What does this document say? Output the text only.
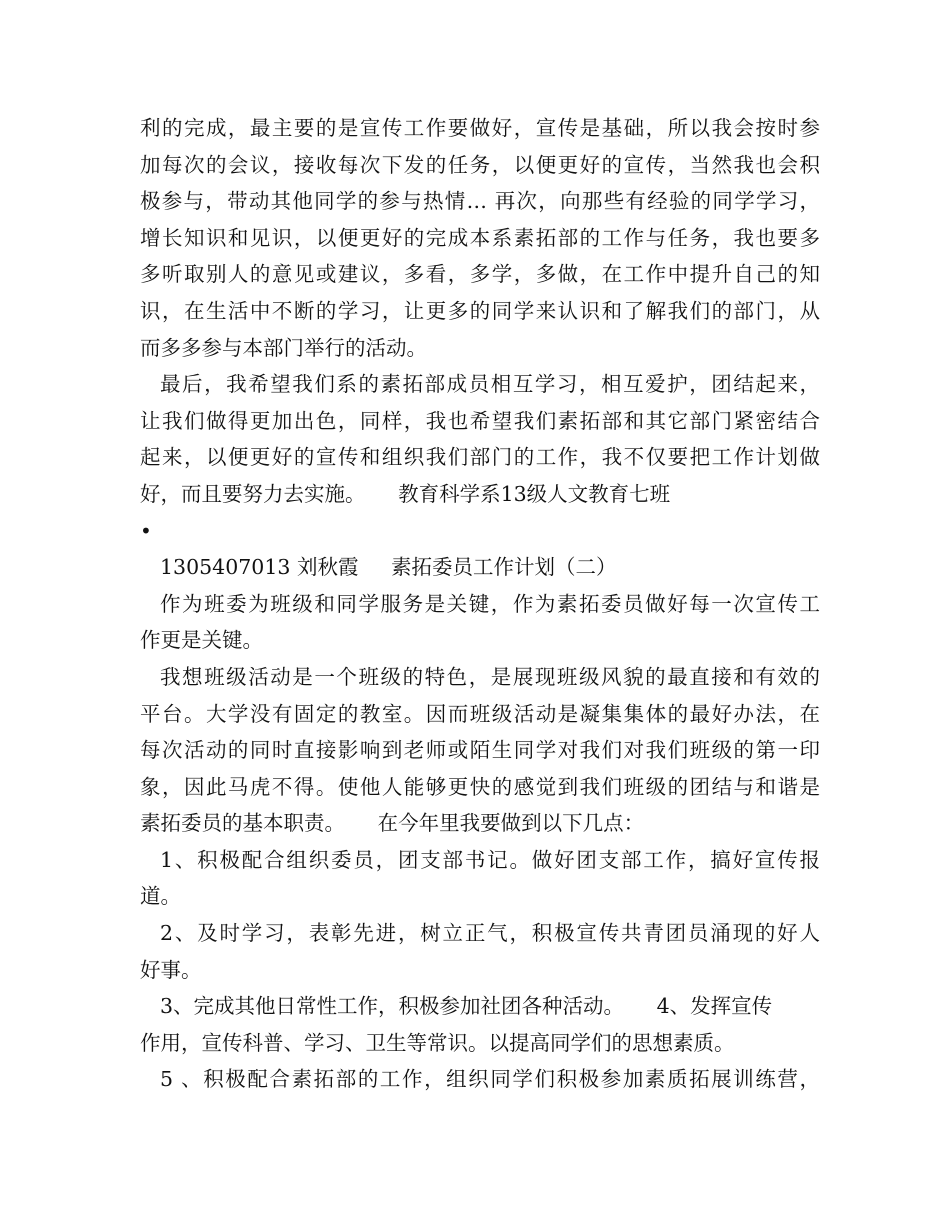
利的完成，最主要的是宣传工作要做好，宣传是基础，所以我会按时参
加每次的会议，接收每次下发的任务，以便更好的宣传，当然我也会积
极参与，带动其他同学的参与热情… 再次，向那些有经验的同学学习，
增长知识和见识，以便更好的完成本系素拓部的工作与任务，我也要多
多听取别人的意见或建议，多看，多学，多做，在工作中提升自己的知
识，在生活中不断的学习，让更多的同学来认识和了解我们的部门，从
而多多参与本部门举行的活动。
最后，我希望我们系的素拓部成员相互学习，相互爱护，团结起来，
让我们做得更加出色，同样，我也希望我们素拓部和其它部门紧密结合
起来，以便更好的宣传和组织我们部门的工作，我不仅要把工作计划做
好，而且要努力去实施。     教育科学系13级人文教育七班
•
1305407013 刘秋霞     素拓委员工作计划（二）
作为班委为班级和同学服务是关键，作为素拓委员做好每一次宣传工
作更是关键。
我想班级活动是一个班级的特色，是展现班级风貌的最直接和有效的
平台。大学没有固定的教室。因而班级活动是凝集集体的最好办法，在
每次活动的同时直接影响到老师或陌生同学对我们对我们班级的第一印
象，因此马虎不得。使他人能够更快的感觉到我们班级的团结与和谐是
素拓委员的基本职责。     在今年里我要做到以下几点：
1、积极配合组织委员，团支部书记。做好团支部工作，搞好宣传报
道。
2、及时学习，表彰先进，树立正气，积极宣传共青团员涌现的好人
好事。
3、完成其他日常性工作，积极参加社团各种活动。     4、发挥宣传
作用，宣传科普、学习、卫生等常识。以提高同学们的思想素质。
5 、积极配合素拓部的工作，组织同学们积极参加素质拓展训练营，
